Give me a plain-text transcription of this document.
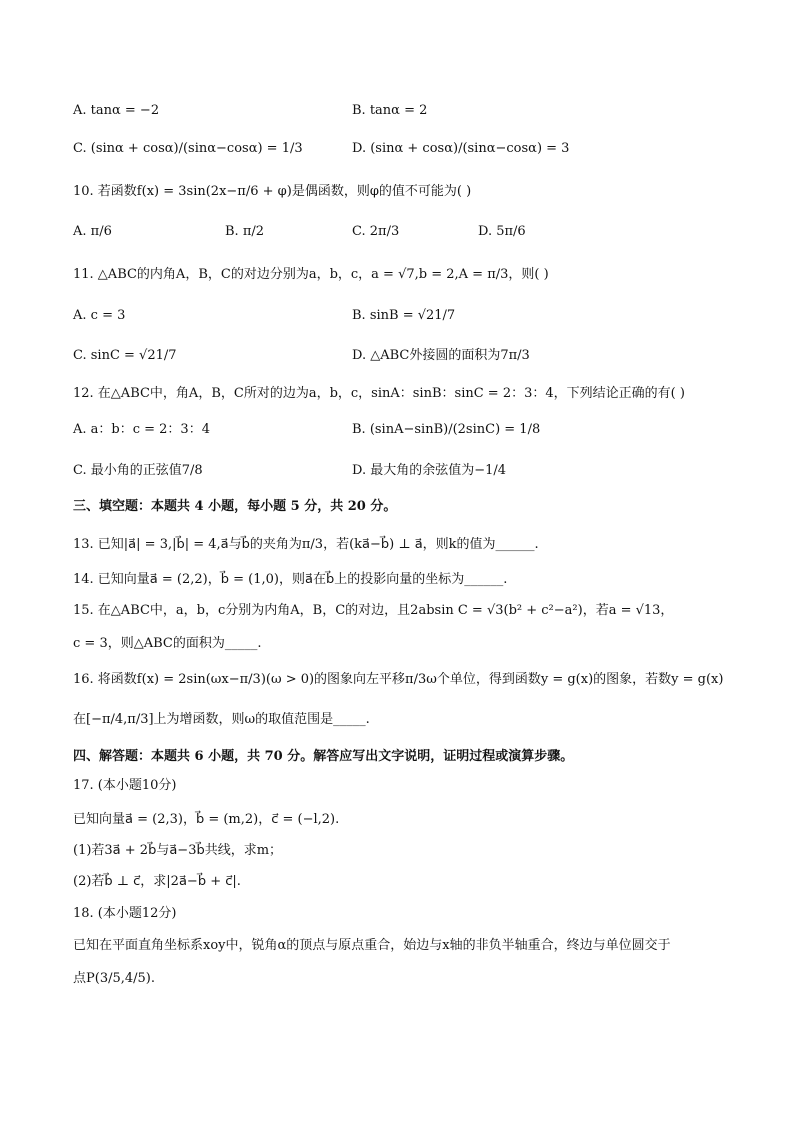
A. tanα = −2	B. tanα = 2
C. (sinα + cosα)/(sinα−cosα) = 1/3	D. (sinα + cosα)/(sinα−cosα) = 3
10. 若函数f(x) = 3sin(2x−π/6 + φ)是偶函数，则φ的值不可能为( )
A. π/6	B. π/2	C. 2π/3	D. 5π/6
11. △ABC的内角A，B，C的对边分别为a，b，c，a = √7,b = 2,A = π/3，则( )
A. c = 3	B. sinB = √21/7
C. sinC = √21/7	D. △ABC外接圆的面积为7π/3
12. 在△ABC中，角A，B，C所对的边为a，b，c，sinA：sinB：sinC = 2：3：4，下列结论正确的有( )
A. a：b：c = 2：3：4	B. (sinA−sinB)/(2sinC) = 1/8
C. 最小角的正弦值7/8	D. 最大角的余弦值为−1/4
三、填空题：本题共 4 小题，每小题 5 分，共 20 分。
13. 已知|a⃗| = 3,|b⃗| = 4,a⃗与b⃗的夹角为π/3，若(ka⃗−b⃗) ⊥ a⃗，则k的值为______.
14. 已知向量a⃗ = (2,2)，b⃗ = (1,0)，则a⃗在b⃗上的投影向量的坐标为______.
15. 在△ABC中，a，b，c分别为内角A，B，C的对边，且2absin C = √3(b² + c²−a²)，若a = √13，
c = 3，则△ABC的面积为_____.
16. 将函数f(x) = 2sin(ωx−π/3)(ω > 0)的图象向左平移π/3ω个单位，得到函数y = g(x)的图象，若数y = g(x)
在[−π/4,π/3]上为增函数，则ω的取值范围是_____.
四、解答题：本题共 6 小题，共 70 分。解答应写出文字说明，证明过程或演算步骤。
17. (本小题10分)
已知向量a⃗ = (2,3)，b⃗ = (m,2)，c⃗ = (−l,2).
(1)若3a⃗ + 2b⃗与a⃗−3b⃗共线，求m；
(2)若b⃗ ⊥ c⃗，求|2a⃗−b⃗ + c⃗|.
18. (本小题12分)
已知在平面直角坐标系xoy中，锐角α的顶点与原点重合，始边与x轴的非负半轴重合，终边与单位圆交于
点P(3/5,4/5).
